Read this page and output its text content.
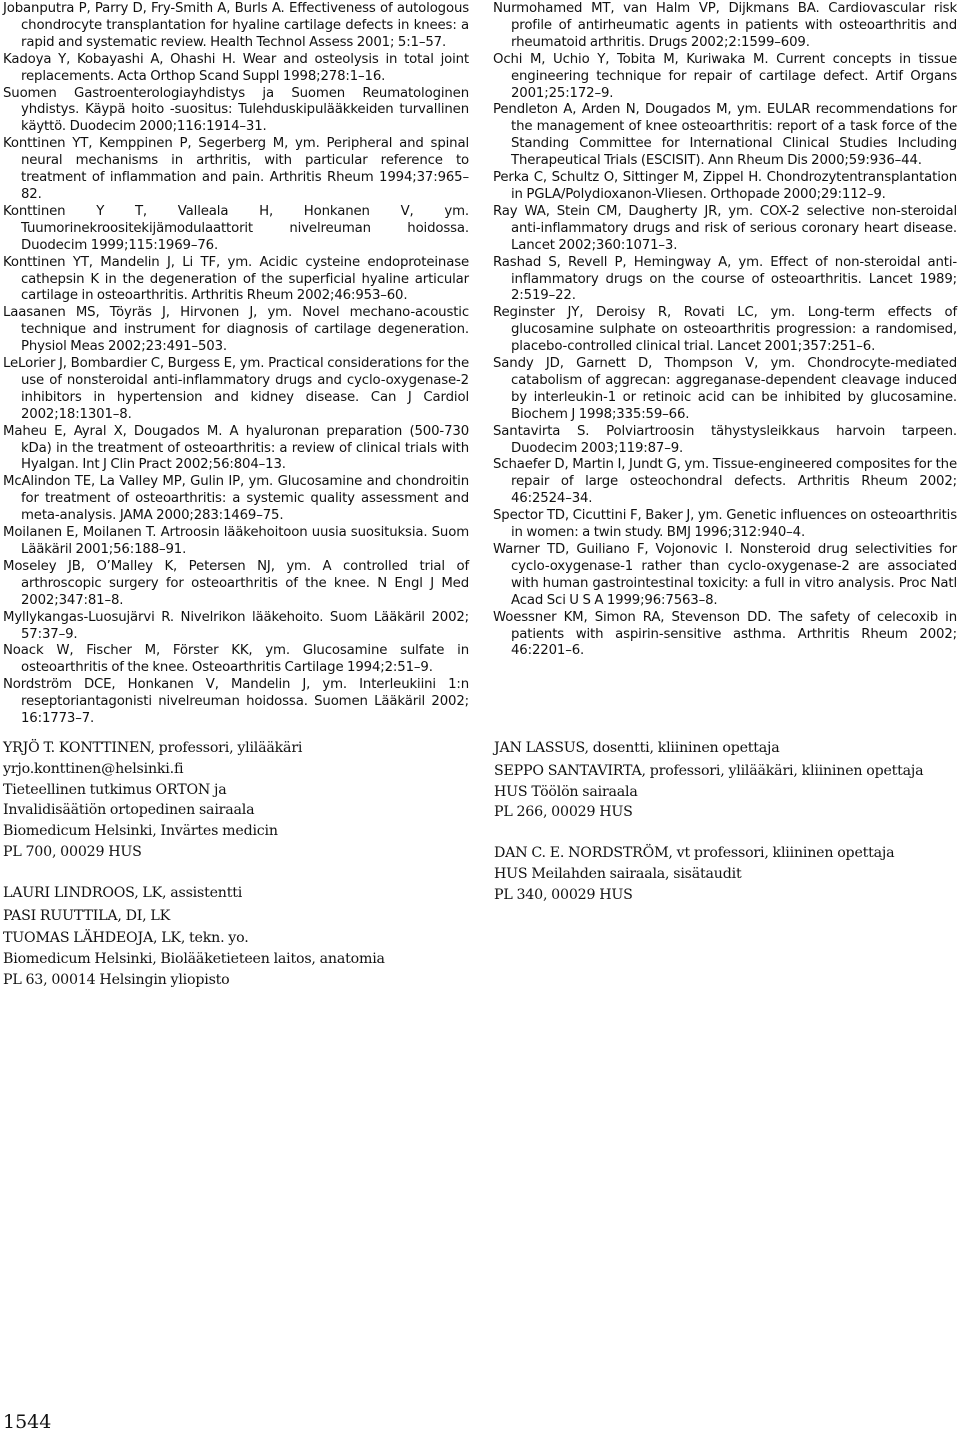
Jobanputra P, Parry D, Fry-Smith A, Burls A. Effectiveness of autologous chondrocyte transplantation for hyaline cartilage defects in knees: a rapid and systematic review. Health Technol Assess 2001; 5:1–57.

Kadoya Y, Kobayashi A, Ohashi H. Wear and osteolysis in total joint replacements. Acta Orthop Scand Suppl 1998;278:1–16.

Suomen Gastroenterologiayhdistys ja Suomen Reumatologinen yhdistys. Käypä hoito -suositus: Tulehduskipulääkkeiden turvallinen käyttö. Duodecim 2000;116:1914–31.

Konttinen YT, Kemppinen P, Segerberg M, ym. Peripheral and spinal neural mechanisms in arthritis, with particular reference to treatment of inflammation and pain. Arthritis Rheum 1994;37:965–82.

Konttinen Y T, Valleala H, Honkanen V, ym. Tuumorinekroositekijämodulaattorit nivelreuman hoidossa. Duodecim 1999;115:1969–76.

Konttinen YT, Mandelin J, Li TF, ym. Acidic cysteine endoproteinase cathepsin K in the degeneration of the superficial hyaline articular cartilage in osteoarthritis. Arthritis Rheum 2002;46:953–60.

Laasanen MS, Töyräs J, Hirvonen J, ym. Novel mechano-acoustic technique and instrument for diagnosis of cartilage degeneration. Physiol Meas 2002;23:491–503.

LeLorier J, Bombardier C, Burgess E, ym. Practical considerations for the use of nonsteroidal anti-inflammatory drugs and cyclo-oxygenase-2 inhibitors in hypertension and kidney disease. Can J Cardiol 2002;18:1301–8.

Maheu E, Ayral X, Dougados M. A hyaluronan preparation (500-730 kDa) in the treatment of osteoarthritis: a review of clinical trials with Hyalgan. Int J Clin Pract 2002;56:804–13.

McAlindon TE, La Valley MP, Gulin IP, ym. Glucosamine and chondroitin for treatment of osteoarthritis: a systemic quality assessment and meta-analysis. JAMA 2000;283:1469–75.

Moilanen E, Moilanen T. Artroosin lääkehoitoon uusia suosituksia. Suom Lääkäril 2001;56:188–91.

Moseley JB, O’Malley K, Petersen NJ, ym. A controlled trial of arthroscopic surgery for osteoarthritis of the knee. N Engl J Med 2002;347:81–8.

Myllykangas-Luosujärvi R. Nivelrikon lääkehoito. Suom Lääkäril 2002; 57:37–9.

Noack W, Fischer M, Förster KK, ym. Glucosamine sulfate in osteoarthritis of the knee. Osteoarthritis Cartilage 1994;2:51–9.

Nordström DCE, Honkanen V, Mandelin J, ym. Interleukiini 1:n reseptoriantagonisti nivelreuman hoidossa. Suomen Lääkäril 2002; 16:1773–7.

Nurmohamed MT, van Halm VP, Dijkmans BA. Cardiovascular risk profile of antirheumatic agents in patients with osteoarthritis and rheumatoid arthritis. Drugs 2002;2:1599–609.

Ochi M, Uchio Y, Tobita M, Kuriwaka M. Current concepts in tissue engineering technique for repair of cartilage defect. Artif Organs 2001;25:172–9.

Pendleton A, Arden N, Dougados M, ym. EULAR recommendations for the management of knee osteoarthritis: report of a task force of the Standing Committee for International Clinical Studies Including Therapeutical Trials (ESCISIT). Ann Rheum Dis 2000;59:936–44.

Perka C, Schultz O, Sittinger M, Zippel H. Chondrozytentransplantation in PGLA/Polydioxanon-Vliesen. Orthopade 2000;29:112–9.

Ray WA, Stein CM, Daugherty JR, ym. COX-2 selective non-steroidal anti-inflammatory drugs and risk of serious coronary heart disease. Lancet 2002;360:1071–3.

Rashad S, Revell P, Hemingway A, ym. Effect of non-steroidal anti-inflammatory drugs on the course of osteoarthritis. Lancet 1989; 2:519–22.

Reginster JY, Deroisy R, Rovati LC, ym. Long-term effects of glucosamine sulphate on osteoarthritis progression: a randomised, placebo-controlled clinical trial. Lancet 2001;357:251–6.

Sandy JD, Garnett D, Thompson V, ym. Chondrocyte-mediated catabolism of aggrecan: aggreganase-dependent cleavage induced by interleukin-1 or retinoic acid can be inhibited by glucosamine. Biochem J 1998;335:59–66.

Santavirta S. Polviartroosin tähystysleikkaus harvoin tarpeen. Duodecim 2003;119:87–9.

Schaefer D, Martin I, Jundt G, ym. Tissue-engineered composites for the repair of large osteochondral defects. Arthritis Rheum 2002; 46:2524–34.

Spector TD, Cicuttini F, Baker J, ym. Genetic influences on osteoarthritis in women: a twin study. BMJ 1996;312:940–4.

Warner TD, Guiliano F, Vojonovic I. Nonsteroid drug selectivities for cyclo-oxygenase-1 rather than cyclo-oxygenase-2 are associated with human gastrointestinal toxicity: a full in vitro analysis. Proc Natl Acad Sci U S A 1999;96:7563–8.

Woessner KM, Simon RA, Stevenson DD. The safety of celecoxib in patients with aspirin-sensitive asthma. Arthritis Rheum 2002; 46:2201–6.

YRJÖ T. KONTTINEN, professori, ylilääkäri
yrjo.konttinen@helsinki.fi
Tieteellinen tutkimus ORTON ja
Invalidisäätiön ortopedinen sairaala
Biomedicum Helsinki, Invärtes medicin
PL 700, 00029 HUS
LAURI LINDROOS, LK, assistentti
PASI RUUTTILA, DI, LK
TUOMAS LÄHDEOJA, LK, tekn. yo.
Biomedicum Helsinki, Biolääketieteen laitos, anatomia
PL 63, 00014 Helsingin yliopisto
JAN LASSUS, dosentti, kliininen opettaja
SEPPO SANTAVIRTA, professori, ylilääkäri, kliininen opettaja
HUS Töölön sairaala
PL 266, 00029 HUS
DAN C. E. NORDSTRÖM, vt professori, kliininen opettaja
HUS Meilahden sairaala, sisätaudit
PL 340, 00029 HUS
1544
